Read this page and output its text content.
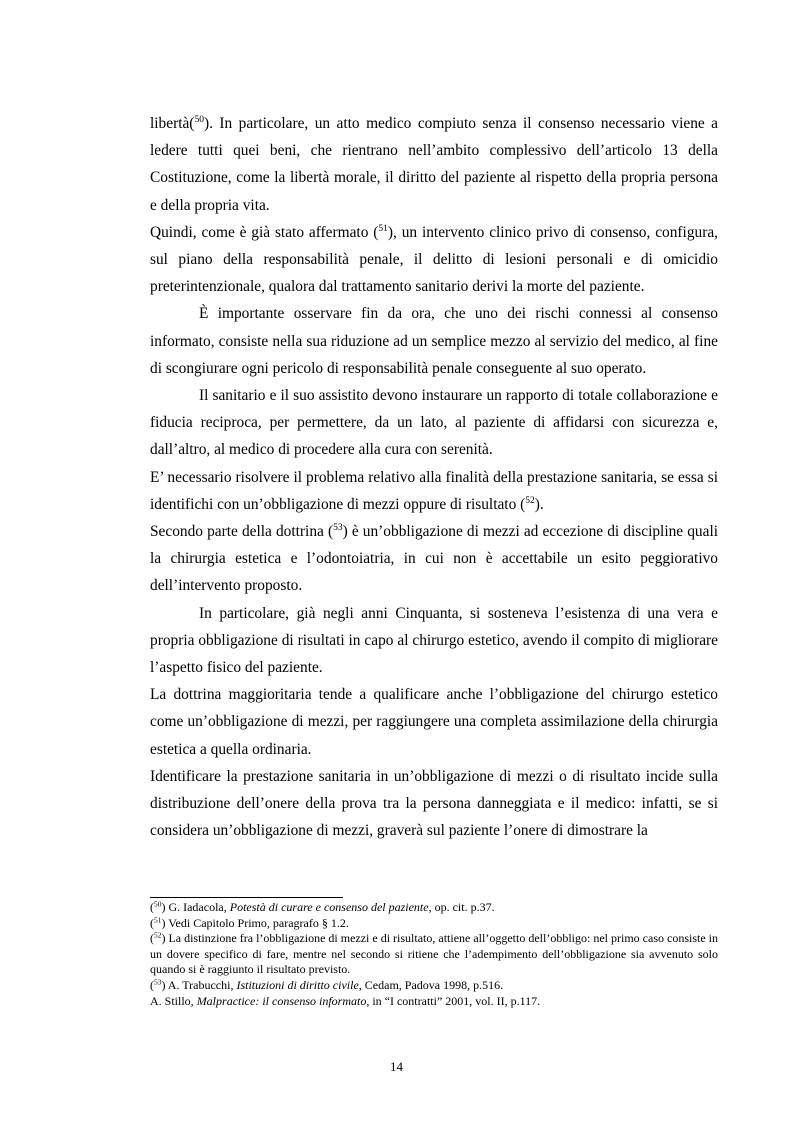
libertà($^{50}$). In particolare, un atto medico compiuto senza il consenso necessario viene a ledere tutti quei beni, che rientrano nell’ambito complessivo dell’articolo 13 della Costituzione, come la libertà morale, il diritto del paziente al rispetto della propria persona e della propria vita.

Quindi, come è già stato affermato ($^{51}$), un intervento clinico privo di consenso, configura, sul piano della responsabilità penale, il delitto di lesioni personali e di omicidio preterintenzionale, qualora dal trattamento sanitario derivi la morte del paziente.

È importante osservare fin da ora, che uno dei rischi connessi al consenso informato, consiste nella sua riduzione ad un semplice mezzo al servizio del medico, al fine di scongiurare ogni pericolo di responsabilità penale conseguente al suo operato.

Il sanitario e il suo assistito devono instaurare un rapporto di totale collaborazione e fiducia reciproca, per permettere, da un lato, al paziente di affidarsi con sicurezza e, dall’altro, al medico di procedere alla cura con serenità.

E’ necessario risolvere il problema relativo alla finalità della prestazione sanitaria, se essa si identifichi con un’obbligazione di mezzi oppure di risultato ($^{52}$).

Secondo parte della dottrina ($^{53}$) è un’obbligazione di mezzi ad eccezione di discipline quali la chirurgia estetica e l’odontoiatria, in cui non è accettabile un esito peggiorativo dell’intervento proposto.

In particolare, già negli anni Cinquanta, si sosteneva l’esistenza di una vera e propria obbligazione di risultati in capo al chirurgo estetico, avendo il compito di migliorare l’aspetto fisico del paziente.

La dottrina maggioritaria tende a qualificare anche l’obbligazione del chirurgo estetico come un’obbligazione di mezzi, per raggiungere una completa assimilazione della chirurgia estetica a quella ordinaria.

Identificare la prestazione sanitaria in un’obbligazione di mezzi o di risultato incide sulla distribuzione dell’onere della prova tra la persona danneggiata e il medico: infatti, se si considera un’obbligazione di mezzi, graverà sul paziente l’onere di dimostrare la

($^{50}$) G. Iadacola, Potestà di curare e consenso del paziente, op. cit. p.37.

($^{51}$) Vedi Capitolo Primo, paragrafo § 1.2.

($^{52}$) La distinzione fra l’obbligazione di mezzi e di risultato, attiene all’oggetto dell’obbligo: nel primo caso consiste in un dovere specifico di fare, mentre nel secondo si ritiene che l’adempimento dell’obbligazione sia avvenuto solo quando si è raggiunto il risultato previsto.

($^{53}$) A. Trabucchi, Istituzioni di diritto civile, Cedam, Padova 1998, p.516.

A. Stillo, Malpractice: il consenso informato, in “I contratti” 2001, vol. II, p.117.

14
